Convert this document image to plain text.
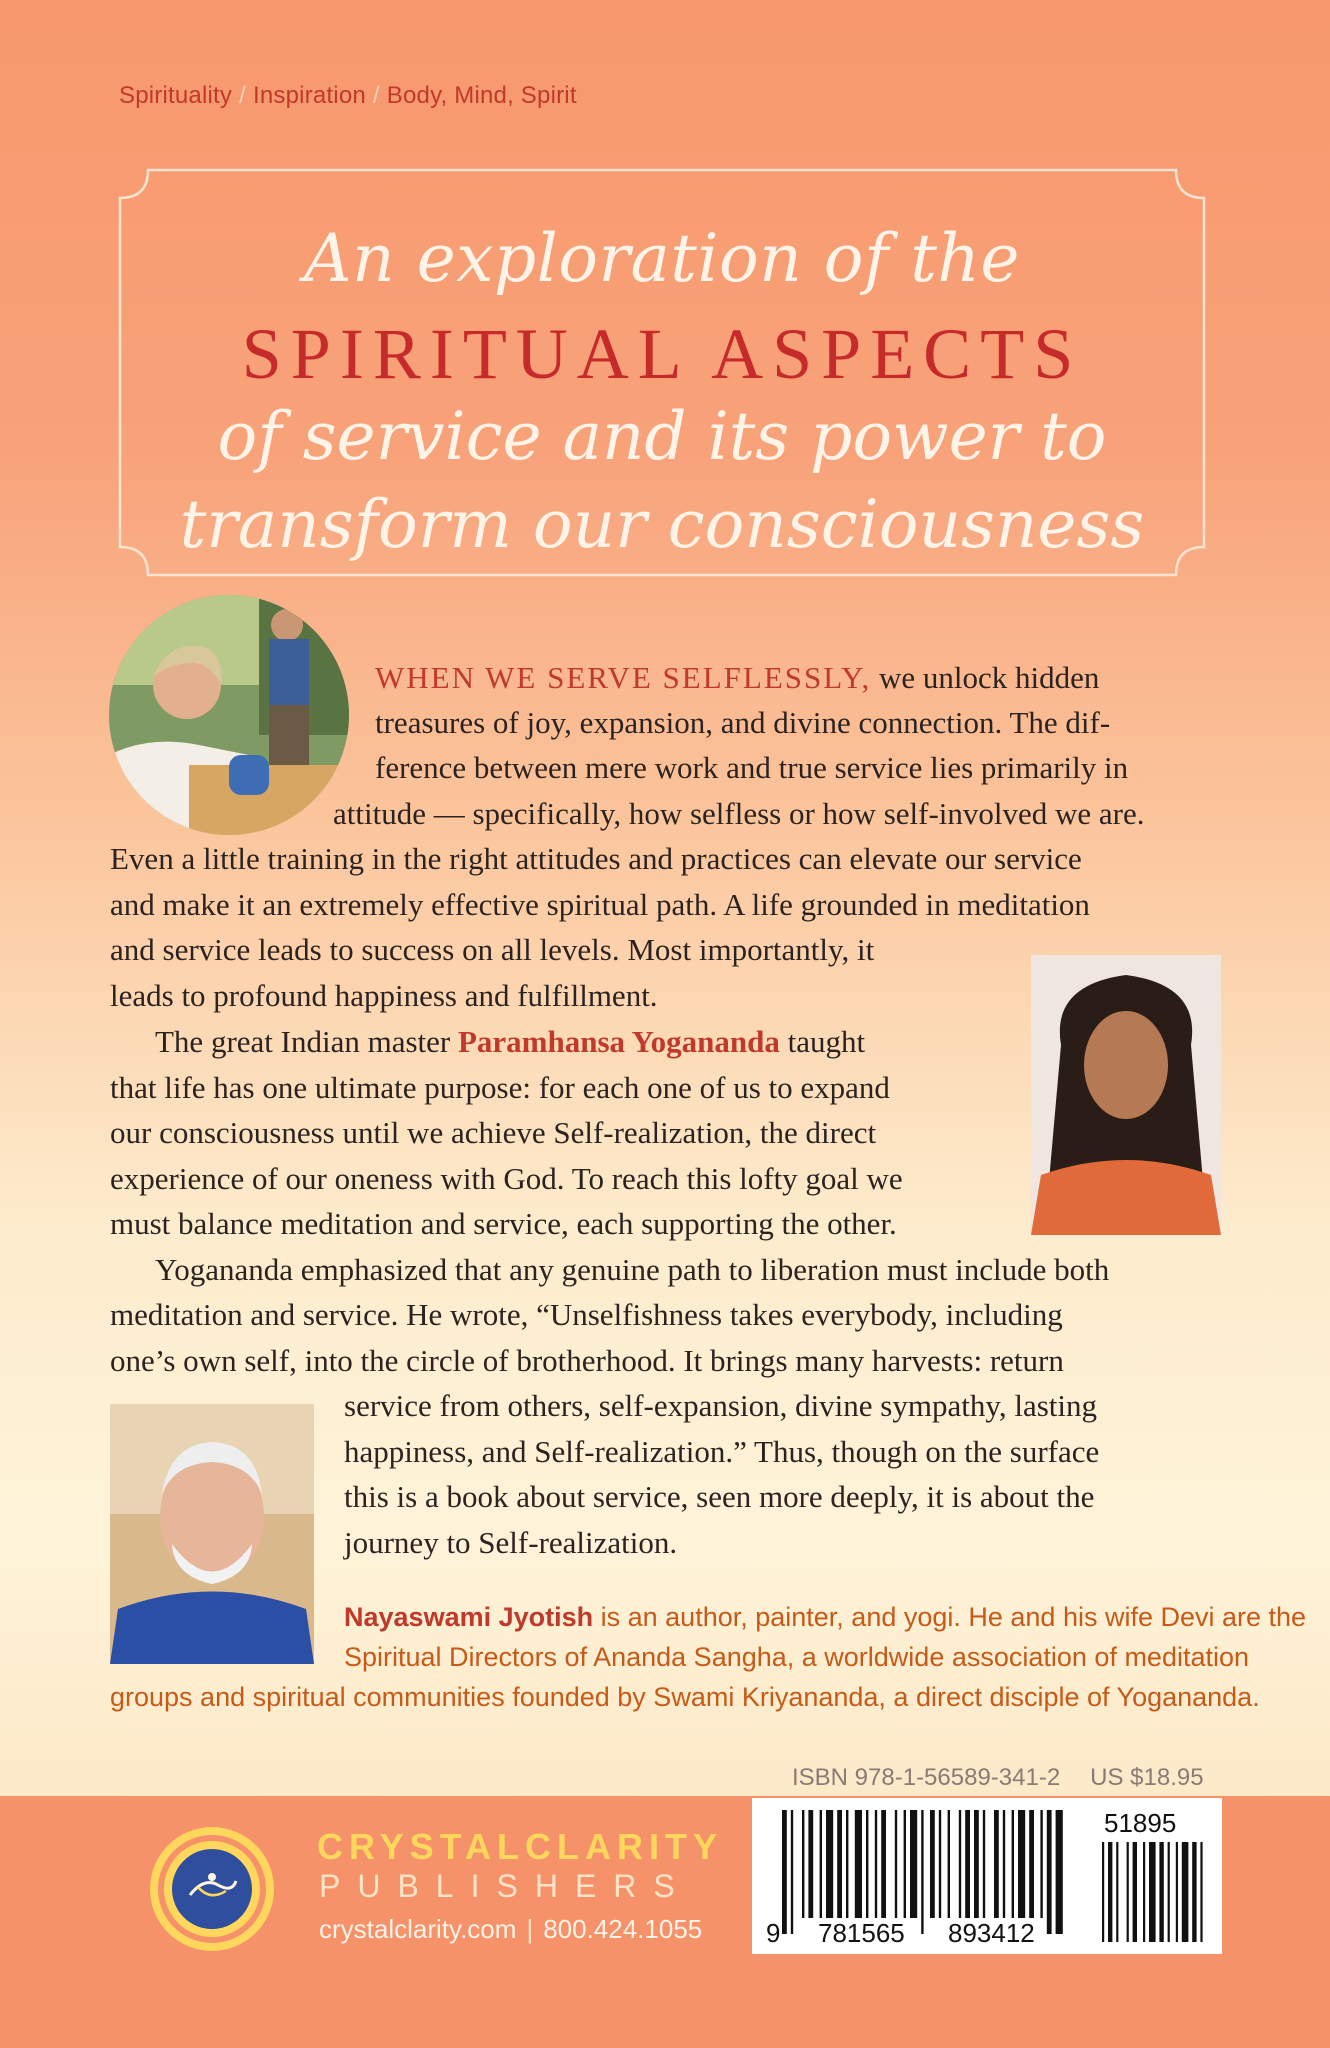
Spirituality / Inspiration / Body, Mind, Spirit
An exploration of the
SPIRITUAL ASPECTS
of service and its power to
transform our consciousness
WHEN WE SERVE SELFLESSLY, we unlock hidden
treasures of joy, expansion, and divine connection. The dif-
ference between mere work and true service lies primarily in
attitude — specifically, how selfless or how self-involved we are.
Even a little training in the right attitudes and practices can elevate our service
and make it an extremely effective spiritual path. A life grounded in meditation
and service leads to success on all levels. Most importantly, it
leads to profound happiness and fulfillment.
The great Indian master Paramhansa Yogananda taught
that life has one ultimate purpose: for each one of us to expand
our consciousness until we achieve Self-realization, the direct
experience of our oneness with God. To reach this lofty goal we
must balance meditation and service, each supporting the other.
Yogananda emphasized that any genuine path to liberation must include both
meditation and service. He wrote, “Unselfishness takes everybody, including
one’s own self, into the circle of brotherhood. It brings many harvests: return
service from others, self-expansion, divine sympathy, lasting
happiness, and Self-realization.” Thus, though on the surface
this is a book about service, seen more deeply, it is about the
journey to Self-realization.
Nayaswami Jyotish is an author, painter, and yogi. He and his wife Devi are the
Spiritual Directors of Ananda Sangha, a worldwide association of meditation
groups and spiritual communities founded by Swami Kriyananda, a direct disciple of Yogananda.
ISBN 978-1-56589-341-2 US $18.95
CRYSTALCLARITY
PUBLISHERS
crystalclarity.com | 800.424.1055
51895
9 781565 893412
